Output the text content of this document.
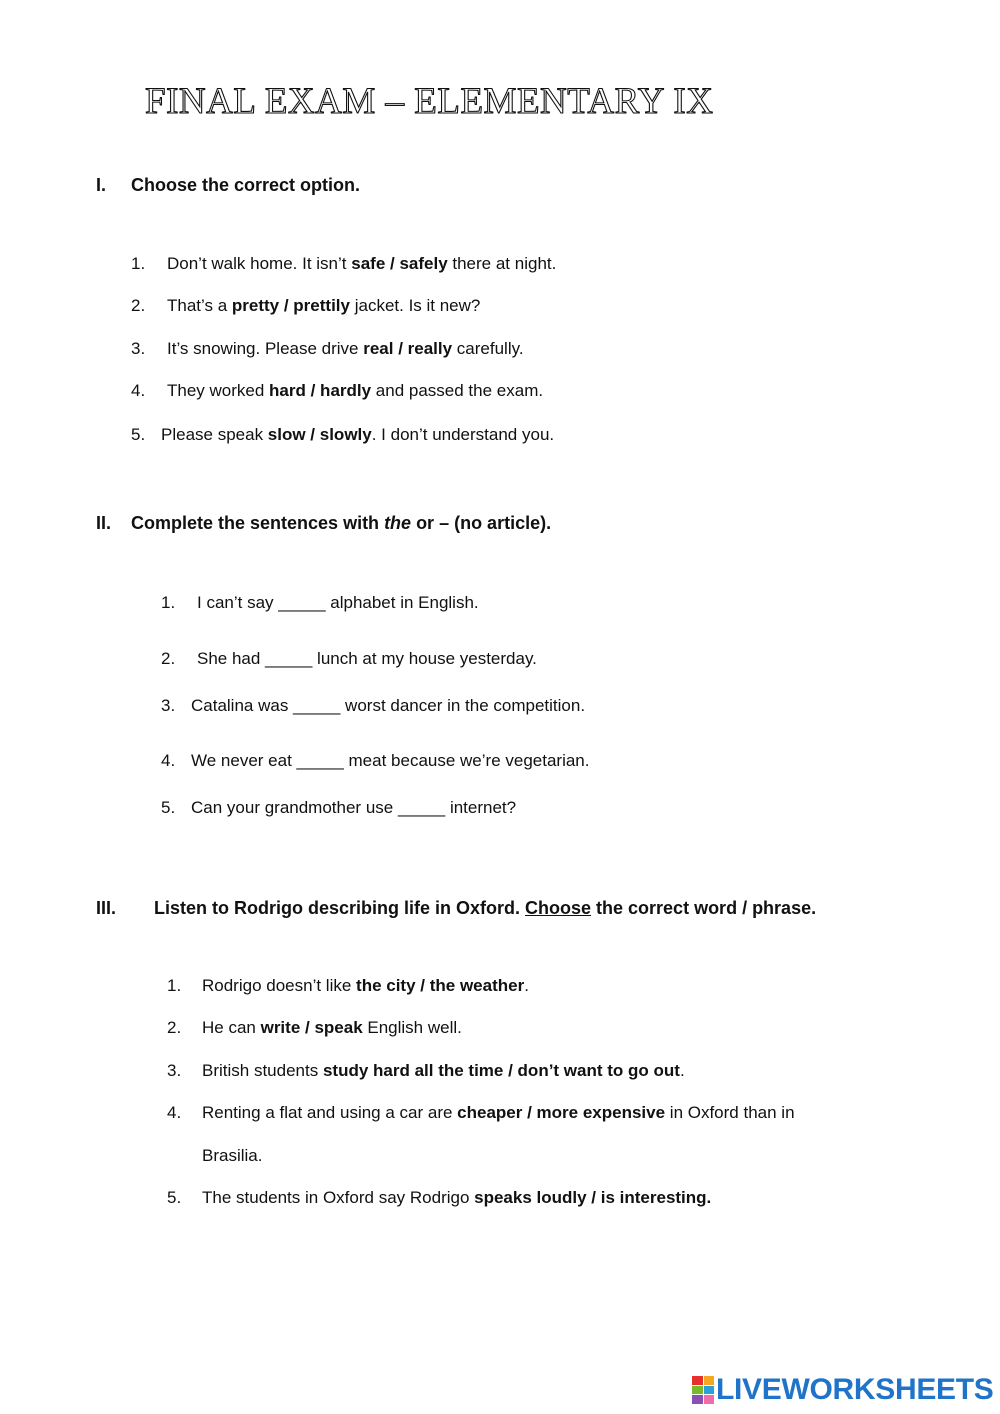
FINAL EXAM – ELEMENTARY IX
I. Choose the correct option.
1. Don’t walk home. It isn’t safe / safely there at night.
2. That’s a pretty / prettily jacket. Is it new?
3. It’s snowing. Please drive real / really carefully.
4. They worked hard / hardly and passed the exam.
5. Please speak slow / slowly. I don’t understand you.
II. Complete the sentences with the or – (no article).
1. I can’t say _____ alphabet in English.
2. She had _____ lunch at my house yesterday.
3. Catalina was _____ worst dancer in the competition.
4. We never eat _____ meat because we’re vegetarian.
5. Can your grandmother use _____ internet?
III. Listen to Rodrigo describing life in Oxford. Choose the correct word / phrase.
1. Rodrigo doesn’t like the city / the weather.
2. He can write / speak English well.
3. British students study hard all the time / don’t want to go out.
4. Renting a flat and using a car are cheaper / more expensive in Oxford than in
Brasilia.
5. The students in Oxford say Rodrigo speaks loudly / is interesting.
LIVEWORKSHEETS
